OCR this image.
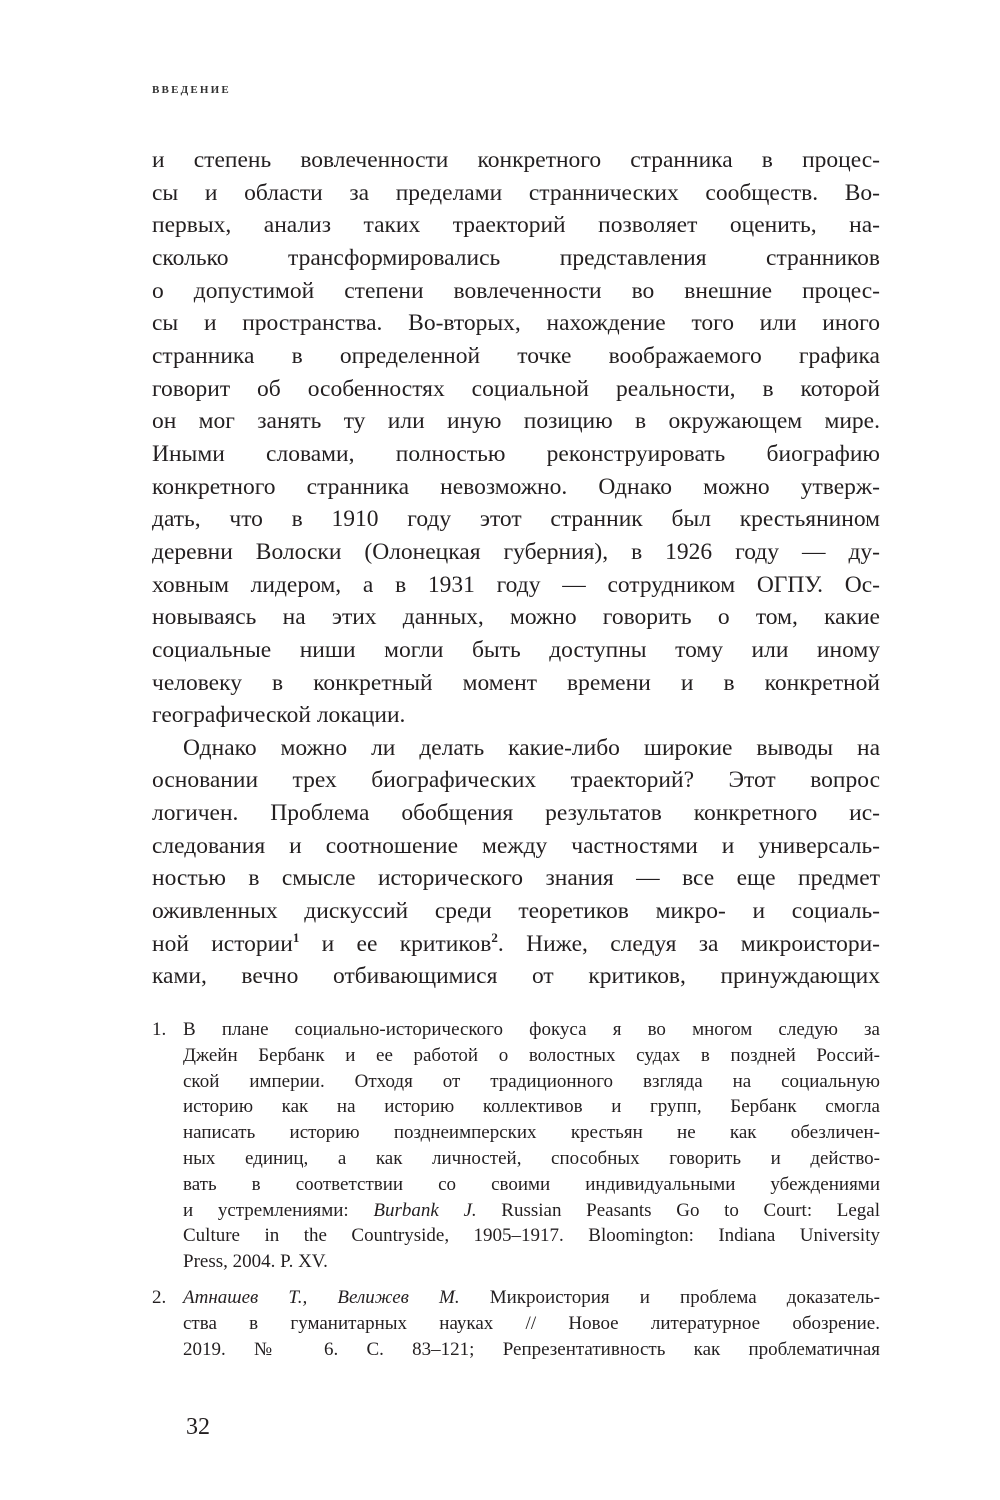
ВВЕДЕНИЕ
и степень вовлеченности конкретного странника в процес-
сы и области за пределами страннических сообществ. Во-
первых, анализ таких траекторий позволяет оценить, на-
сколько трансформировались представления странников
о допустимой степени вовлеченности во внешние процес-
сы и пространства. Во-вторых, нахождение того или иного
странника в определенной точке воображаемого графика
говорит об особенностях социальной реальности, в которой
он мог занять ту или иную позицию в окружающем мире.
Иными словами, полностью реконструировать биографию
конкретного странника невозможно. Однако можно утверж-
дать, что в 1910 году этот странник был крестьянином
деревни Волоски (Олонецкая губерния), в 1926 году — ду-
ховным лидером, а в 1931 году — сотрудником ОГПУ. Ос-
новываясь на этих данных, можно говорить о том, какие
социальные ниши могли быть доступны тому или иному
человеку в конкретный момент времени и в конкретной
географической локации.
Однако можно ли делать какие-либо широкие выводы на
основании трех биографических траекторий? Этот вопрос
логичен. Проблема обобщения результатов конкретного ис-
следования и соотношение между частностями и универсаль-
ностью в смысле исторического знания — все еще предмет
оживленных дискуссий среди теоретиков микро- и социаль-
ной истории$^1$ и ее критиков$^2$. Ниже, следуя за микроистори-
ками, вечно отбивающимися от критиков, принуждающих
1. В плане социально-исторического фокуса я во многом следую за
Джейн Бербанк и ее работой о волостных судах в поздней Россий-
ской империи. Отходя от традиционного взгляда на социальную
историю как на историю коллективов и групп, Бербанк смогла
написать историю позднеимперских крестьян не как обезличен-
ных единиц, а как личностей, способных говорить и действо-
вать в соответствии со своими индивидуальными убеждениями
и устремлениями: Burbank J. Russian Peasants Go to Court: Legal
Culture in the Countryside, 1905–1917. Bloomington: Indiana University
Press, 2004. P. XV.
2. Атнашев Т., Велижев М. Микроистория и проблема доказатель-
ства в гуманитарных науках // Новое литературное обозрение.
2019. № 6. С. 83–121; Репрезентативность как проблематичная
32
